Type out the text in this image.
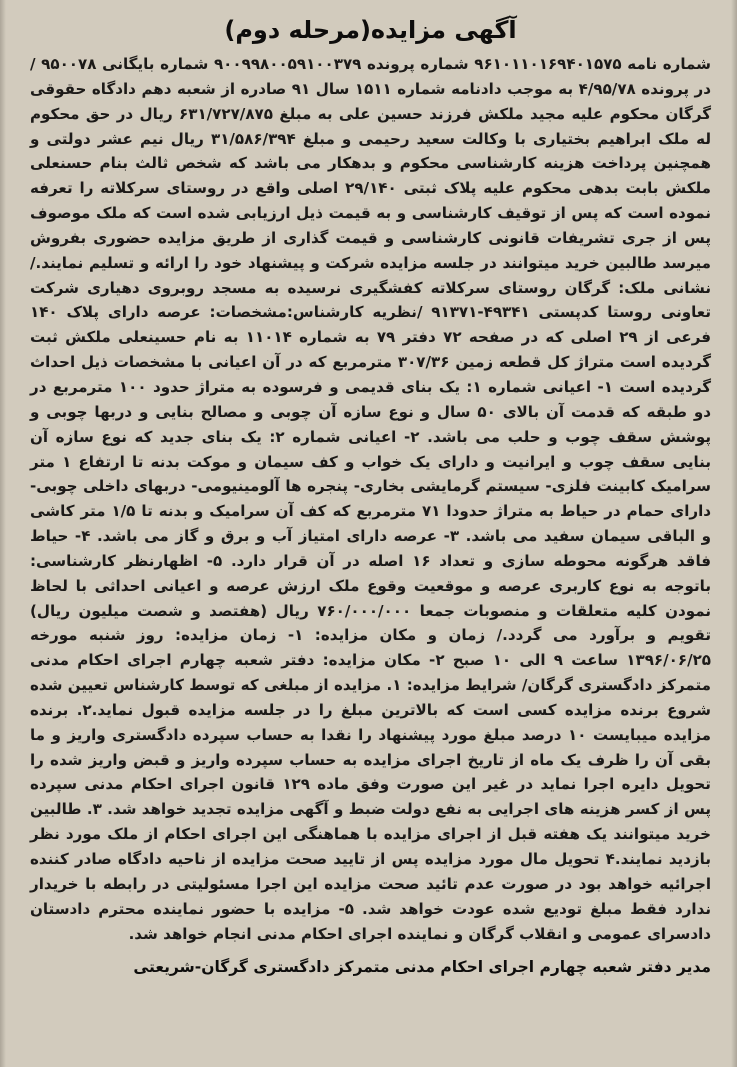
آگهی مزایده(مرحله دوم)

شماره نامه ۹۶۱۰۱۱۰۱۶۹۴۰۱۵۷۵ شماره پرونده ۹۰۰۹۹۸۰۰۵۹۱۰۰۳۷۹ شماره بایگانی ۹۵۰۰۷۸ / در پرونده ۴/۹۵/۷۸ به موجب دادنامه شماره ۱۵۱۱ سال ۹۱ صادره از شعبه دهم دادگاه حقوقی گرگان محکوم علیه مجید ملکش فرزند حسین علی به مبلغ ۶۳۱/۷۲۷/۸۷۵ ریال در حق محکوم له ملک ابراهیم بختیاری با وکالت سعید رحیمی و مبلغ ۳۱/۵۸۶/۳۹۴ ریال نیم عشر دولتی و همچنین پرداخت هزینه کارشناسی محکوم و بدهکار می باشد که شخص ثالث بنام حسنعلی ملکش بابت بدهی محکوم علیه پلاک ثبتی ۲۹/۱۴۰ اصلی واقع در روستای سرکلاته را تعرفه نموده است که پس از توقیف کارشناسی و به قیمت ذیل ارزیابی شده است که ملک موصوف پس از جری تشریفات قانونی کارشناسی و قیمت گذاری از طریق مزایده حضوری بفروش میرسد طالبین خرید میتوانند در جلسه مزایده شرکت و پیشنهاد خود را ارائه و تسلیم نمایند./ نشانی ملک: گرگان روستای سرکلاته کفشگیری نرسیده به مسجد روبروی دهیاری شرکت تعاونی روستا کدپستی ۴۹۳۴۱-۹۱۳۷۱ /نظریه کارشناس:مشخصات: عرصه دارای پلاک ۱۴۰ فرعی از ۲۹ اصلی که در صفحه ۷۲ دفتر ۷۹ به شماره ۱۱۰۱۴ به نام حسینعلی ملکش ثبت گردیده است متراژ کل قطعه زمین ۳۰۷/۳۶ مترمربع که در آن اعیانی با مشخصات ذیل احداث گردیده است ۱- اعیانی شماره ۱: یک بنای قدیمی و فرسوده به متراژ حدود ۱۰۰ مترمربع در دو طبقه که قدمت آن بالای ۵۰ سال و نوع سازه آن چوبی و مصالح بنایی و دربها چوبی و پوشش سقف چوب و حلب می باشد. ۲- اعیانی شماره ۲: یک بنای جدید که نوع سازه آن بنایی سقف چوب و ایرانیت و دارای یک خواب و کف سیمان و موکت بدنه تا ارتفاع ۱ متر سرامیک کابینت فلزی- سیستم گرمایشی بخاری- پنجره ها آلومینیومی- دربهای داخلی چوبی- دارای حمام در حیاط به متراژ حدودا ۷۱ مترمربع که کف آن سرامیک و بدنه تا ۱/۵ متر کاشی و الباقی سیمان سفید می باشد. ۳- عرصه دارای امتیاز آب و برق و گاز می باشد. ۴- حیاط فاقد هرگونه محوطه سازی و تعداد ۱۶ اصله در آن قرار دارد. ۵- اظهارنظر کارشناسی: باتوجه به نوع کاربری عرصه و موقعیت وقوع ملک ارزش عرصه و اعیانی احداثی با لحاظ نمودن کلیه متعلقات و منصوبات جمعا ۷۶۰/۰۰۰/۰۰۰ ریال (هفتصد و شصت میلیون ریال) تقویم و برآورد می گردد./ زمان و مکان مزایده: ۱- زمان مزایده: روز شنبه مورخه ۱۳۹۶/۰۶/۲۵ ساعت ۹ الی ۱۰ صبح ۲- مکان مزایده: دفتر شعبه چهارم اجرای احکام مدنی متمرکز دادگستری گرگان/ شرایط مزایده: ۱. مزایده از مبلغی که توسط کارشناس تعیین شده شروع برنده مزایده کسی است که بالاترین مبلغ را در جلسه مزایده قبول نماید.۲. برنده مزایده میبایست ۱۰ درصد مبلغ مورد پیشنهاد را نقدا به حساب سپرده دادگستری واریز و ما بقی آن را ظرف یک ماه از تاریخ اجرای مزایده به حساب سپرده واریز و قبض واریز شده را تحویل دایره اجرا نماید در غیر این صورت وفق ماده ۱۲۹ قانون اجرای احکام مدنی سپرده پس از کسر هزینه های اجرایی به نفع دولت ضبط و آگهی مزایده تجدید خواهد شد. ۳. طالبین خرید میتوانند یک هفته قبل از اجرای مزایده با هماهنگی این اجرای احکام از ملک مورد نظر بازدید نمایند.۴ تحویل مال مورد مزایده پس از تایید صحت مزایده از ناحیه دادگاه صادر کننده اجرائیه خواهد بود در صورت عدم تائید صحت مزایده این اجرا مسئولیتی در رابطه با خریدار ندارد فقط مبلغ تودیع شده عودت خواهد شد. ۵- مزایده با حضور نماینده محترم دادستان دادسرای عمومی و انقلاب گرگان و نماینده اجرای احکام مدنی انجام خواهد شد.

مدیر دفتر شعبه چهارم اجرای احکام مدنی متمرکز دادگستری گرگان-شریعتی
